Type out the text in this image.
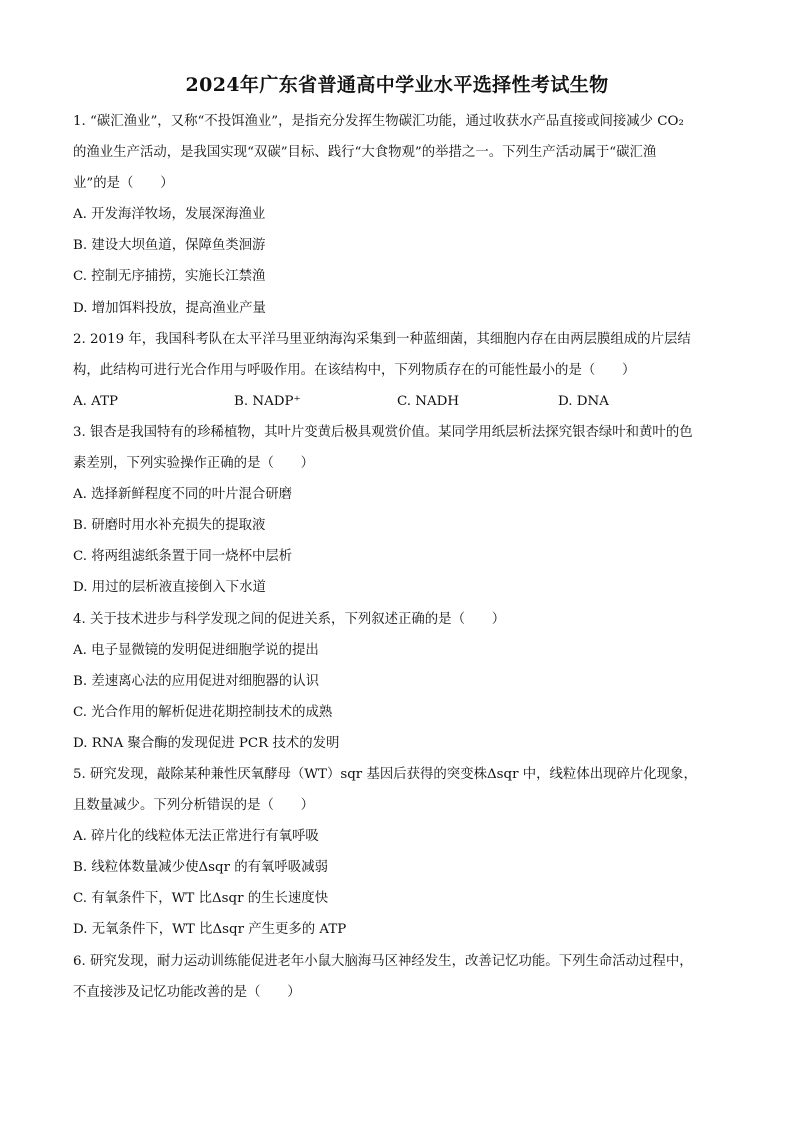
2024年广东省普通高中学业水平选择性考试生物
1. “碳汇渔业”，又称“不投饵渔业”，是指充分发挥生物碳汇功能，通过收获水产品直接或间接减少 CO₂
的渔业生产活动，是我国实现“双碳”目标、践行“大食物观”的举措之一。下列生产活动属于“碳汇渔
业”的是（　　）
A. 开发海洋牧场，发展深海渔业
B. 建设大坝鱼道，保障鱼类洄游
C. 控制无序捕捞，实施长江禁渔
D. 增加饵料投放，提高渔业产量
2. 2019 年，我国科考队在太平洋马里亚纳海沟采集到一种蓝细菌，其细胞内存在由两层膜组成的片层结
构，此结构可进行光合作用与呼吸作用。在该结构中，下列物质存在的可能性最小的是（　　）
A. ATP	B. NADP⁺	C. NADH	D. DNA
3. 银杏是我国特有的珍稀植物，其叶片变黄后极具观赏价值。某同学用纸层析法探究银杏绿叶和黄叶的色
素差别，下列实验操作正确的是（　　）
A. 选择新鲜程度不同的叶片混合研磨
B. 研磨时用水补充损失的提取液
C. 将两组滤纸条置于同一烧杯中层析
D. 用过的层析液直接倒入下水道
4. 关于技术进步与科学发现之间的促进关系，下列叙述正确的是（　　）
A. 电子显微镜的发明促进细胞学说的提出
B. 差速离心法的应用促进对细胞器的认识
C. 光合作用的解析促进花期控制技术的成熟
D. RNA 聚合酶的发现促进 PCR 技术的发明
5. 研究发现，敲除某种兼性厌氧酵母（WT）sqr 基因后获得的突变株Δsqr 中，线粒体出现碎片化现象，
且数量减少。下列分析错误的是（　　）
A. 碎片化的线粒体无法正常进行有氧呼吸
B. 线粒体数量减少使Δsqr 的有氧呼吸减弱
C. 有氧条件下，WT 比Δsqr 的生长速度快
D. 无氧条件下，WT 比Δsqr 产生更多的 ATP
6. 研究发现，耐力运动训练能促进老年小鼠大脑海马区神经发生，改善记忆功能。下列生命活动过程中，
不直接涉及记忆功能改善的是（　　）
